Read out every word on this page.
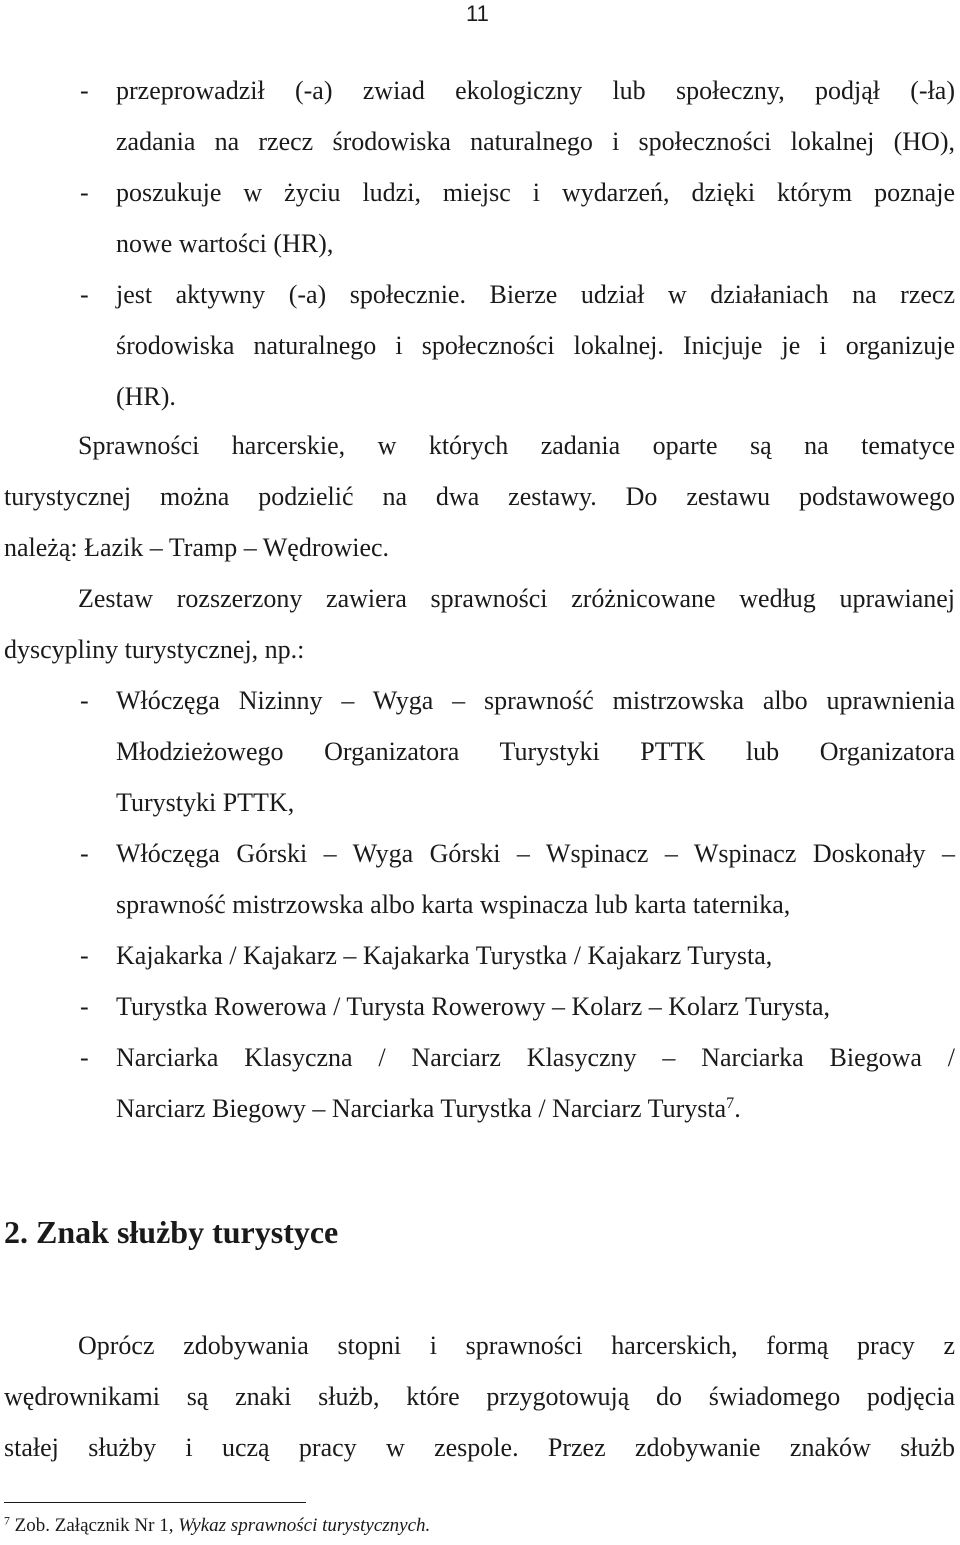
11
- przeprowadził (-a) zwiad ekologiczny lub społeczny, podjął (-ła)
zadania na rzecz środowiska naturalnego i społeczności lokalnej (HO),
- poszukuje w życiu ludzi, miejsc i wydarzeń, dzięki którym poznaje
nowe wartości (HR),
- jest aktywny (-a) społecznie. Bierze udział w działaniach na rzecz
środowiska naturalnego i społeczności lokalnej. Inicjuje je i organizuje
(HR).
Sprawności harcerskie, w których zadania oparte są na tematyce
turystycznej można podzielić na dwa zestawy. Do zestawu podstawowego
należą: Łazik – Tramp – Wędrowiec.
Zestaw rozszerzony zawiera sprawności zróżnicowane według uprawianej
dyscypliny turystycznej, np.:
- Włóczęga Nizinny – Wyga – sprawność mistrzowska albo uprawnienia
Młodzieżowego Organizatora Turystyki PTTK lub Organizatora
Turystyki PTTK,
- Włóczęga Górski – Wyga Górski – Wspinacz – Wspinacz Doskonały –
sprawność mistrzowska albo karta wspinacza lub karta taternika,
- Kajakarka / Kajakarz – Kajakarka Turystka / Kajakarz Turysta,
- Turystka Rowerowa / Turysta Rowerowy – Kolarz – Kolarz Turysta,
- Narciarka Klasyczna / Narciarz Klasyczny – Narciarka Biegowa /
Narciarz Biegowy – Narciarka Turystka / Narciarz Turysta$^7$.
2. Znak służby turystyce
Oprócz zdobywania stopni i sprawności harcerskich, formą pracy z
wędrownikami są znaki służb, które przygotowują do świadomego podjęcia
stałej służby i uczą pracy w zespole. Przez zdobywanie znaków służb
$^7$ Zob. Załącznik Nr 1, Wykaz sprawności turystycznych.
